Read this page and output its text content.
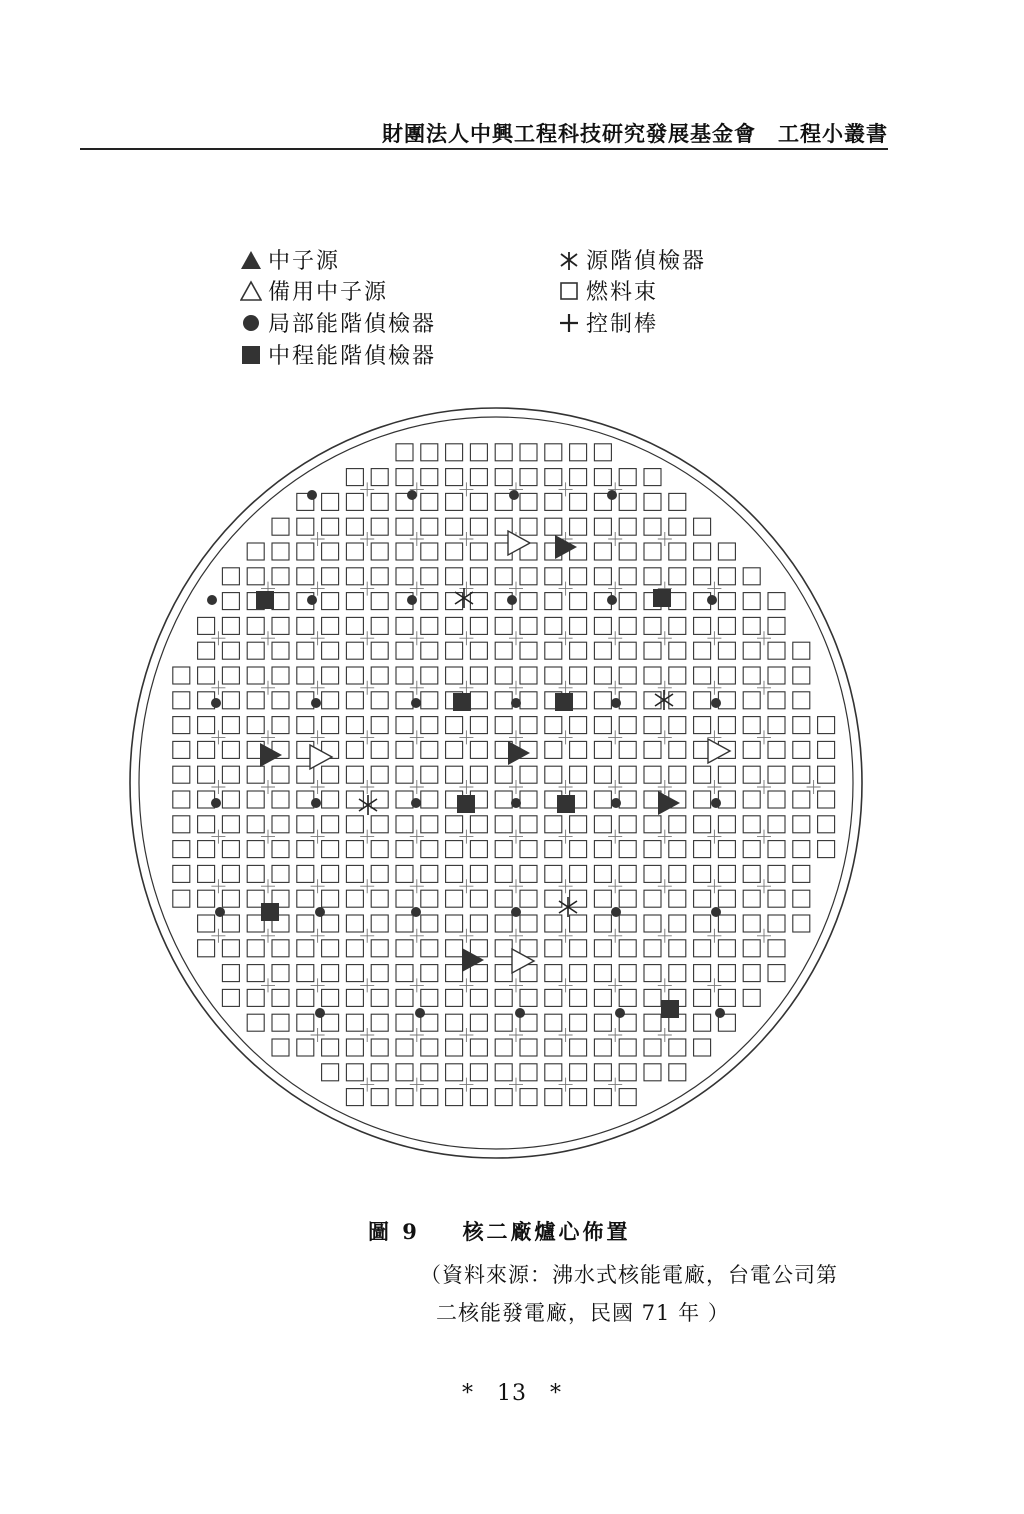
財團法人中興工程科技研究發展基金會　工程小叢書
中子源
備用中子源
局部能階偵檢器
中程能階偵檢器
源階偵檢器
燃料束
控制棒
圖 9 核二廠爐心佈置
（資料來源：沸水式核能電廠，台電公司第
二核能發電廠，民國 71 年 ）
*　13　*
